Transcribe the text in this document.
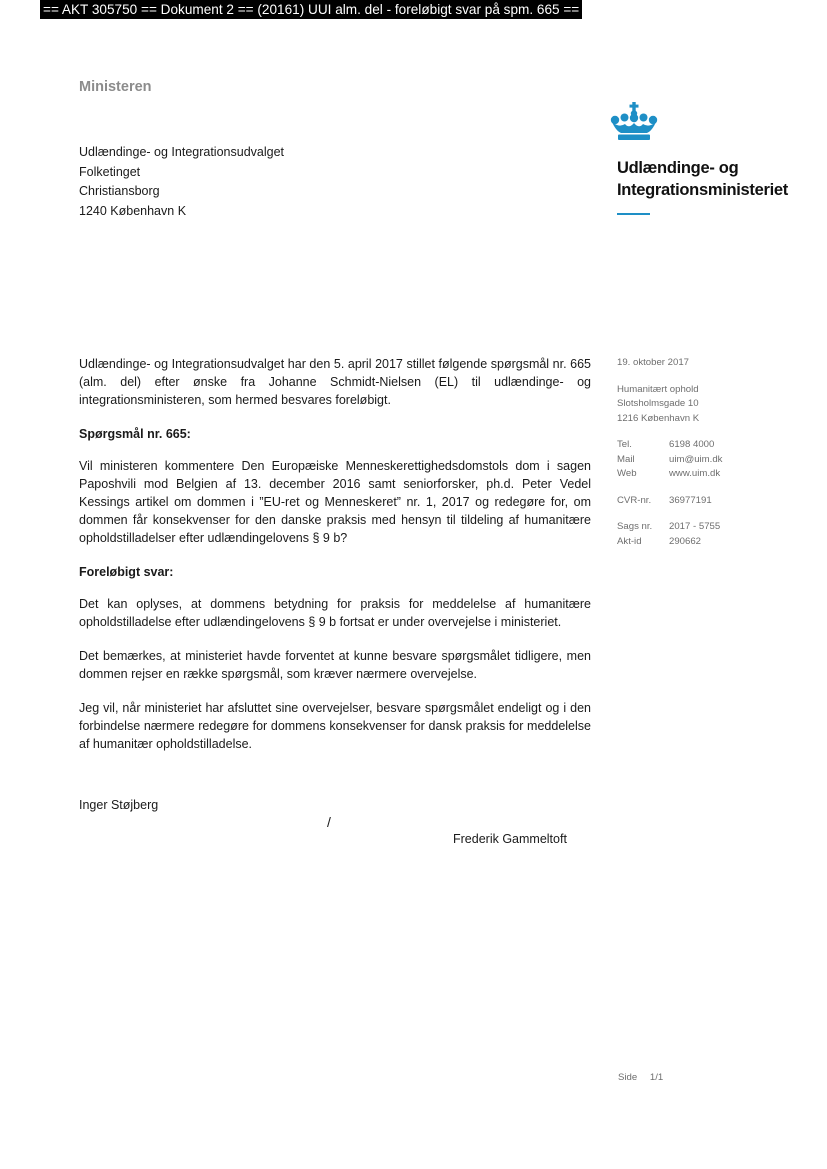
== AKT 305750 == Dokument 2 == (20161) UUI alm. del - foreløbigt svar på spm. 665 ==
Ministeren
Udlændinge- og Integrationsudvalget
Folketinget
Christiansborg
1240 København K
Udlændinge- og
Integrationsministeriet

Udlændinge- og Integrationsudvalget har den 5. april 2017 stillet følgende spørgsmål nr. 665 (alm. del) efter ønske fra Johanne Schmidt-Nielsen (EL) til udlændinge- og integrationsministeren, som hermed besvares foreløbigt.

Spørgsmål nr. 665:

Vil ministeren kommentere Den Europæiske Menneskerettighedsdomstols dom i sagen Paposhvili mod Belgien af 13. december 2016 samt seniorforsker, ph.d. Peter Vedel Kessings artikel om dommen i ”EU-ret og Menneskeret” nr. 1, 2017 og redegøre for, om dommen får konsekvenser for den danske praksis med hensyn til tildeling af humanitære opholdstilladelser efter udlændingelovens § 9 b?

Foreløbigt svar:

Det kan oplyses, at dommens betydning for praksis for meddelelse af humanitære opholdstilladelse efter udlændingelovens § 9 b fortsat er under overvejelse i ministeriet.

Det bemærkes, at ministeriet havde forventet at kunne besvare spørgsmålet tidligere, men dommen rejser en række spørgsmål, som kræver nærmere overvejelse.

Jeg vil, når ministeriet har afsluttet sine overvejelser, besvare spørgsmålet endeligt og i den forbindelse nærmere redegøre for dommens konsekvenser for dansk praksis for meddelelse af humanitær opholdstilladelse.

19. oktober 2017
Humanitært ophold
Slotsholmsgade 10
1216 København K
Tel.	6198 4000
Mail	uim@uim.dk
Web	www.uim.dk
CVR-nr.	36977191
Sags nr.	2017 - 5755
Akt-id	290662
Inger Støjberg
/
Frederik Gammeltoft
Side 1/1
